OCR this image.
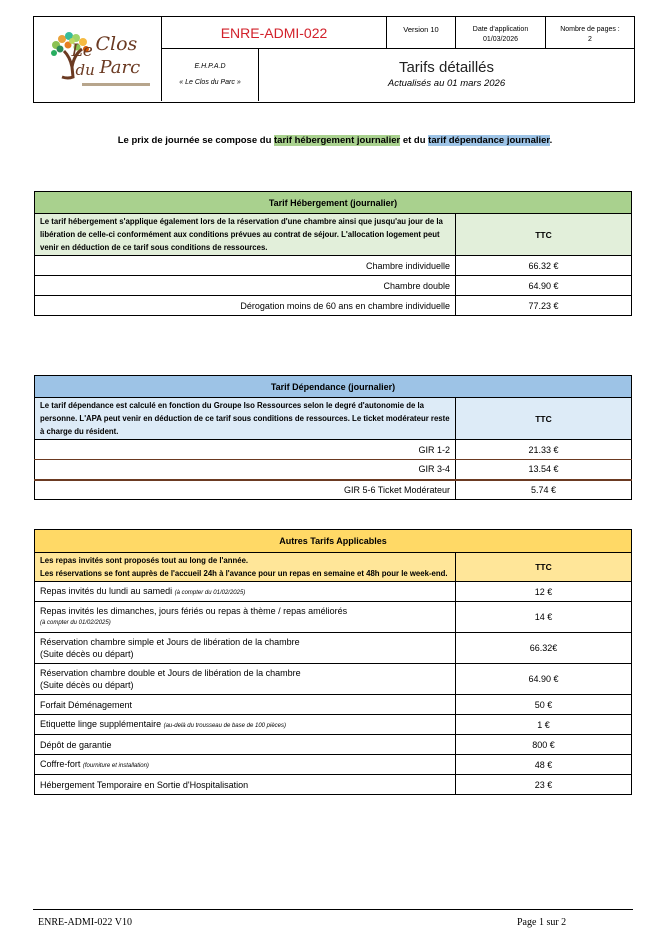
Le Clos
du Parc
ENRE-ADMI-022	Version 10	Date d'application
01/03/2026
Nombre de pages :
2
E.H.P.A.D
« Le Clos du Parc »
Tarifs détaillés
Actualisés au 01 mars 2026
Le prix de journée se compose du tarif hébergement journalier et du tarif dépendance journalier.
Tarif Hébergement (journalier)	
Le tarif hébergement s'applique également lors de la réservation d'une chambre ainsi que jusqu'au jour de la libération de celle-ci conformément aux conditions prévues au contrat de séjour. L'allocation logement peut venir en déduction de ce tarif sous conditions de ressources.	TTC
Chambre individuelle	66.32 €
Chambre double	64.90 €
Dérogation moins de 60 ans en chambre individuelle	77.23 €
Tarif Dépendance (journalier)	
Le tarif dépendance est calculé en fonction du Groupe Iso Ressources selon le degré d'autonomie de la personne. L'APA peut venir en déduction de ce tarif sous conditions de ressources. Le ticket modérateur reste à charge du résident.	TTC
GIR 1-2	21.33 €
GIR 3-4	13.54 €
GIR 5-6 Ticket Modérateur	5.74 €
Autres Tarifs Applicables	

Les repas invités sont proposés tout au long de l'année.
Les réservations se font auprès de l'accueil 24h à l'avance pour un repas en semaine et 48h pour le week-end.	TTC
Repas invités du lundi au samedi (à compter du 01/02/2025)	12 €

Repas invités les dimanches, jours fériés ou repas à thème / repas améliorés
(à compter du 01/02/2025)	14 €

Réservation chambre simple et Jours de libération de la chambre
(Suite décès ou départ)	66.32€

Réservation chambre double et Jours de libération de la chambre
(Suite décès ou départ)	64.90 €
Forfait Déménagement	50 €
Etiquette linge supplémentaire (au-delà du trousseau de base de 100 pièces)	1 €
Dépôt de garantie	800 €
Coffre-fort (fourniture et installation)	48 €
Hébergement Temporaire en Sortie d'Hospitalisation	23 €
ENRE-ADMI-022 V10	Page 1 sur 2
